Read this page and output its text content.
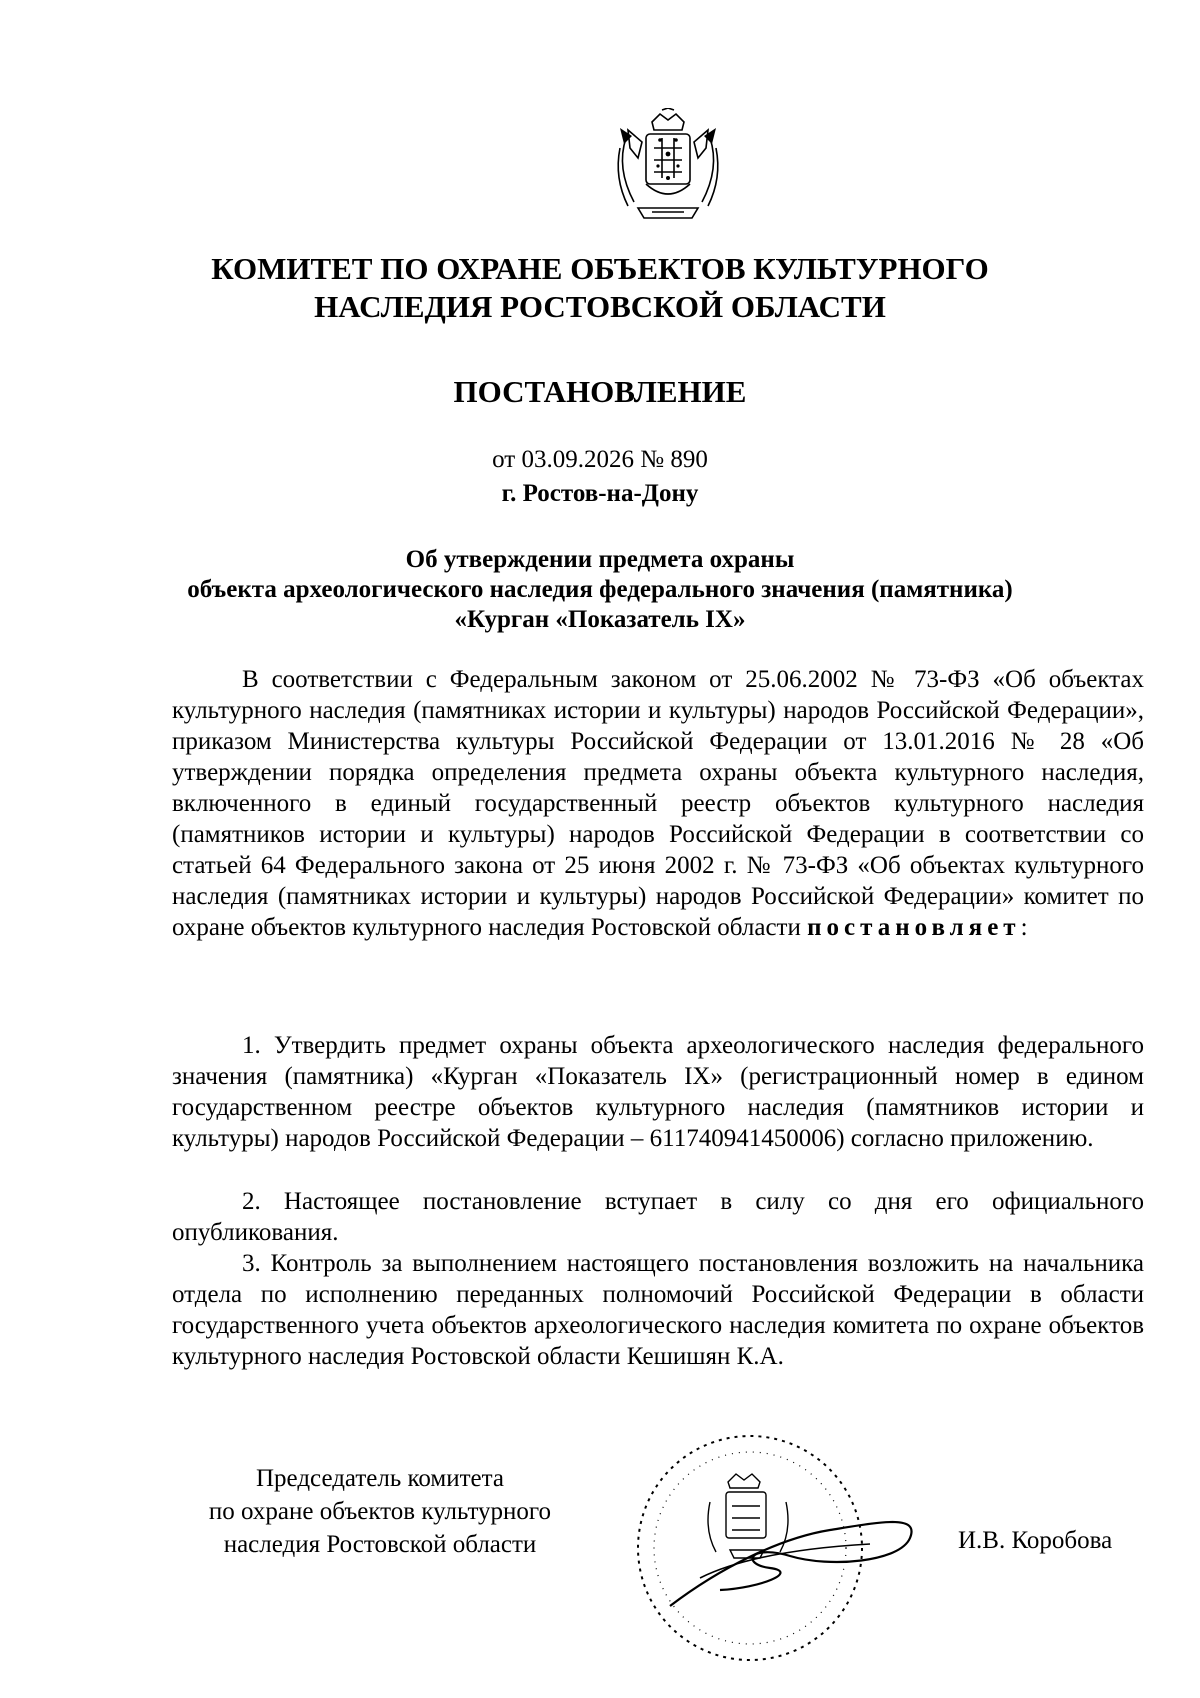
КОМИТЕТ ПО ОХРАНЕ ОБЪЕКТОВ КУЛЬТУРНОГО
НАСЛЕДИЯ РОСТОВСКОЙ ОБЛАСТИ
ПОСТАНОВЛЕНИЕ
от 03.09.2026 № 890
г. Ростов-на-Дону
Об утверждении предмета охраны
объекта археологического наследия федерального значения (памятника)
«Курган «Показатель IX»

В соответствии с Федеральным законом от 25.06.2002 № 73-ФЗ «Об объектах культурного наследия (памятниках истории и культуры) народов Российской Федерации», приказом Министерства культуры Российской Федерации от 13.01.2016 № 28 «Об утверждении порядка определения предмета охраны объекта культурного наследия, включенного в единый государственный реестр объектов культурного наследия (памятников истории и культуры) народов Российской Федерации в соответствии со статьей 64 Федерального закона от 25 июня 2002 г. № 73-ФЗ «Об объектах культурного наследия (памятниках истории и культуры) народов Российской Федерации» комитет по охране объектов культурного наследия Ростовской области постановляет:

1. Утвердить предмет охраны объекта археологического наследия федерального значения (памятника) «Курган «Показатель IX» (регистрационный номер в едином государственном реестре объектов культурного наследия (памятников истории и культуры) народов Российской Федерации – 611740941450006) согласно приложению.

2. Настоящее постановление вступает в силу со дня его официального опубликования.

3. Контроль за выполнением настоящего постановления возложить на начальника отдела по исполнению переданных полномочий Российской Федерации в области государственного учета объектов археологического наследия комитета по охране объектов культурного наследия Ростовской области Кешишян К.А.

Председатель комитета
по охране объектов культурного
наследия Ростовской области	И.В. Коробова
